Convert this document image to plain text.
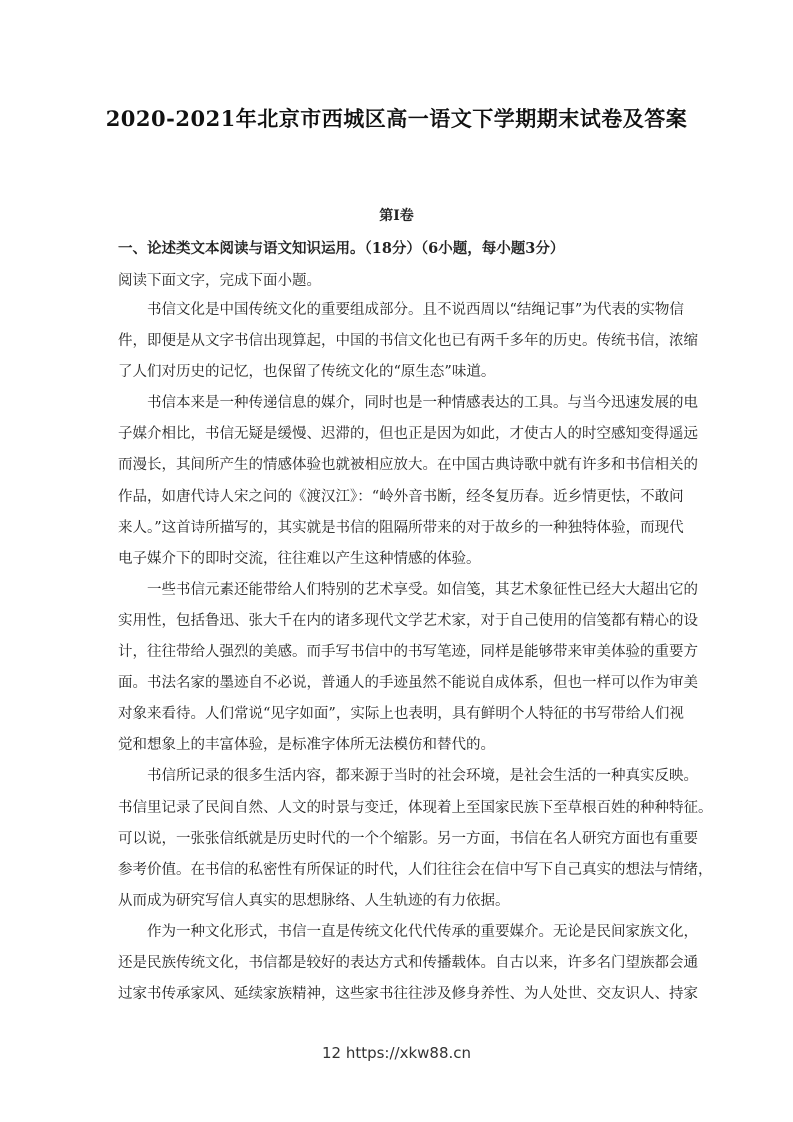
2020-2021年北京市西城区高一语文下学期期末试卷及答案
第Ⅰ卷
一、论述类文本阅读与语文知识运用。（18分）（6小题，每小题3分）
阅读下面文字，完成下面小题。
书信文化是中国传统文化的重要组成部分。且不说西周以“结绳记事”为代表的实物信
件，即便是从文字书信出现算起，中国的书信文化也已有两千多年的历史。传统书信，浓缩
了人们对历史的记忆，也保留了传统文化的“原生态”味道。
书信本来是一种传递信息的媒介，同时也是一种情感表达的工具。与当今迅速发展的电
子媒介相比，书信无疑是缓慢、迟滞的，但也正是因为如此，才使古人的时空感知变得遥远
而漫长，其间所产生的情感体验也就被相应放大。在中国古典诗歌中就有许多和书信相关的
作品，如唐代诗人宋之问的《渡汉江》：“岭外音书断，经冬复历春。近乡情更怯，不敢问
来人。”这首诗所描写的，其实就是书信的阻隔所带来的对于故乡的一种独特体验，而现代
电子媒介下的即时交流，往往难以产生这种情感的体验。
一些书信元素还能带给人们特别的艺术享受。如信笺，其艺术象征性已经大大超出它的
实用性，包括鲁迅、张大千在内的诸多现代文学艺术家，对于自己使用的信笺都有精心的设
计，往往带给人强烈的美感。而手写书信中的书写笔迹，同样是能够带来审美体验的重要方
面。书法名家的墨迹自不必说，普通人的手迹虽然不能说自成体系，但也一样可以作为审美
对象来看待。人们常说“见字如面”，实际上也表明，具有鲜明个人特征的书写带给人们视
觉和想象上的丰富体验，是标准字体所无法模仿和替代的。
书信所记录的很多生活内容，都来源于当时的社会环境，是社会生活的一种真实反映。
书信里记录了民间自然、人文的时景与变迁，体现着上至国家民族下至草根百姓的种种特征。
可以说，一张张信纸就是历史时代的一个个缩影。另一方面，书信在名人研究方面也有重要
参考价值。在书信的私密性有所保证的时代，人们往往会在信中写下自己真实的想法与情绪，
从而成为研究写信人真实的思想脉络、人生轨迹的有力依据。
作为一种文化形式，书信一直是传统文化代代传承的重要媒介。无论是民间家族文化，
还是民族传统文化，书信都是较好的表达方式和传播载体。自古以来，许多名门望族都会通
过家书传承家风、延续家族精神，这些家书往往涉及修身养性、为人处世、交友识人、持家
12 https://xkw88.cn
